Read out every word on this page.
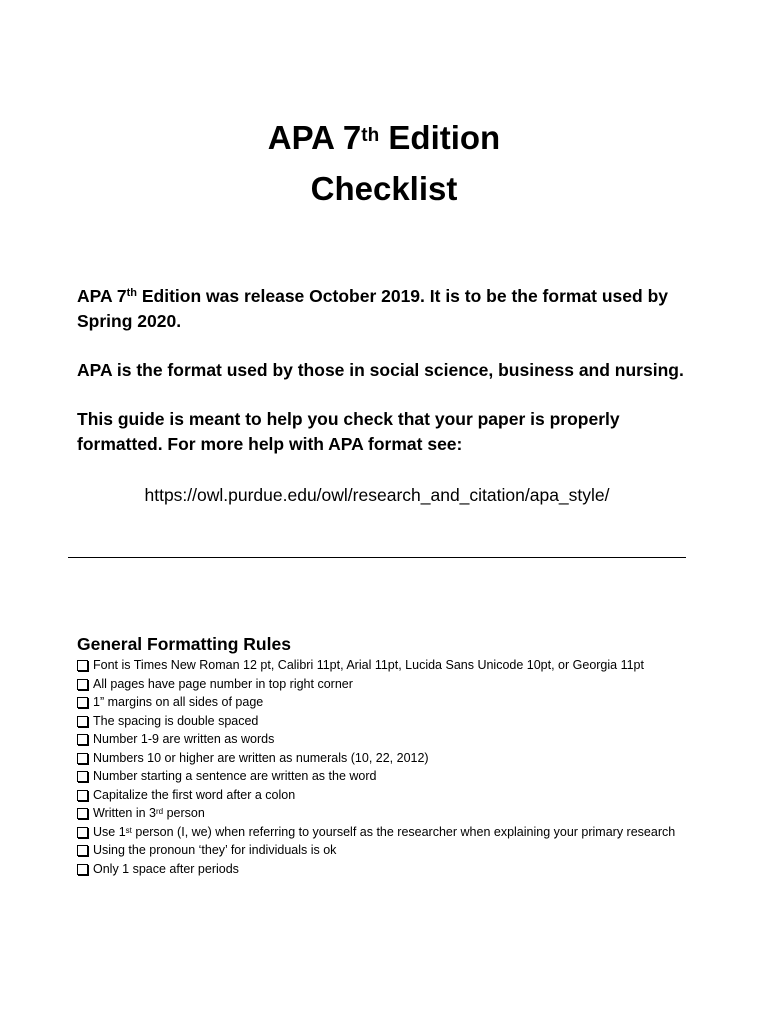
APA 7th Edition
Checklist

APA 7th Edition was release October 2019. It is to be the format used by Spring 2020.

APA is the format used by those in social science, business and nursing.

This guide is meant to help you check that your paper is properly formatted. For more help with APA format see:

https://owl.purdue.edu/owl/research_and_citation/apa_style/
General Formatting Rules
Font is Times New Roman 12 pt, Calibri 11pt, Arial 11pt, Lucida Sans Unicode 10pt, or Georgia 11pt
All pages have page number in top right corner
1” margins on all sides of page
The spacing is double spaced
Number 1-9 are written as words
Numbers 10 or higher are written as numerals (10, 22, 2012)
Number starting a sentence are written as the word
Capitalize the first word after a colon
Written in 3rd person
Use 1st person (I, we) when referring to yourself as the researcher when explaining your primary research
Using the pronoun ‘they’ for individuals is ok
Only 1 space after periods
